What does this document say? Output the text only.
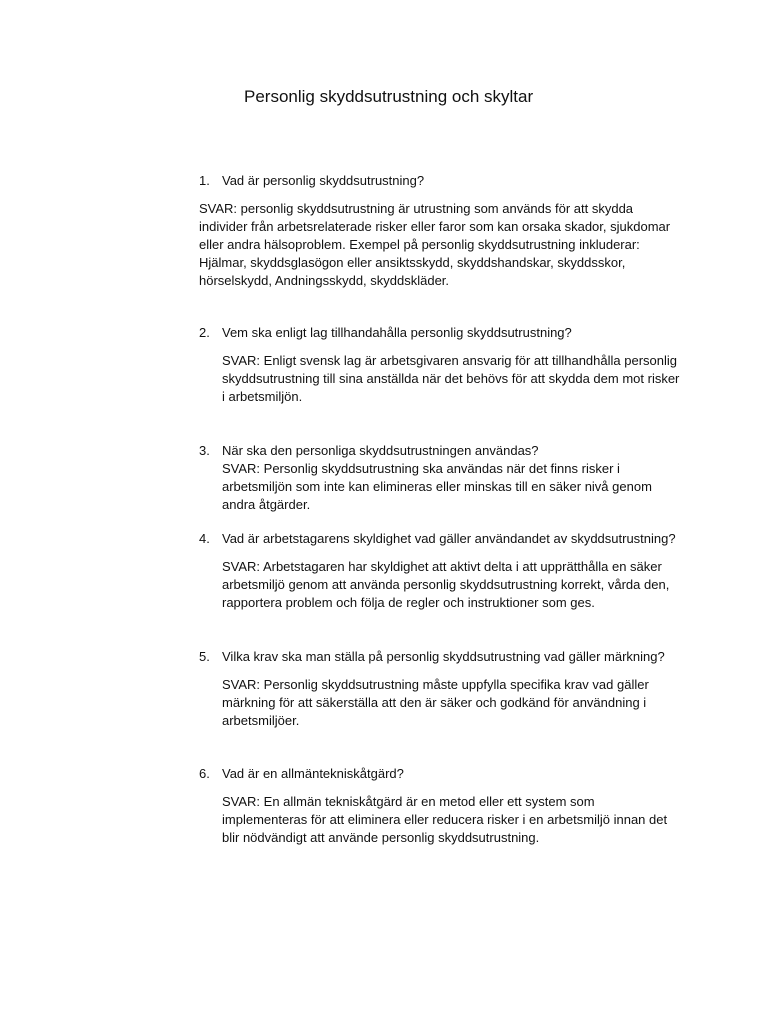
Personlig skyddsutrustning och skyltar
1. Vad är personlig skyddsutrustning?
SVAR: personlig skyddsutrustning är utrustning som används för att skydda individer från arbetsrelaterade risker eller faror som kan orsaka skador, sjukdomar eller andra hälsoproblem. Exempel på personlig skyddsutrustning inkluderar: Hjälmar, skyddsglasögon eller ansiktsskydd, skyddshandskar, skyddsskor, hörselskydd, Andningsskydd, skyddskläder.
2. Vem ska enligt lag tillhandahålla personlig skyddsutrustning?
SVAR: Enligt svensk lag är arbetsgivaren ansvarig för att tillhandhålla personlig skyddsutrustning till sina anställda när det behövs för att skydda dem mot risker i arbetsmiljön.
3. När ska den personliga skyddsutrustningen användas?
SVAR: Personlig skyddsutrustning ska användas när det finns risker i arbetsmiljön som inte kan elimineras eller minskas till en säker nivå genom andra åtgärder.
4. Vad är arbetstagarens skyldighet vad gäller användandet av skyddsutrustning?
SVAR: Arbetstagaren har skyldighet att aktivt delta i att upprätthålla en säker arbetsmiljö genom att använda personlig skyddsutrustning korrekt, vårda den, rapportera problem och följa de regler och instruktioner som ges.
5. Vilka krav ska man ställa på personlig skyddsutrustning vad gäller märkning?
SVAR: Personlig skyddsutrustning måste uppfylla specifika krav vad gäller märkning för att säkerställa att den är säker och godkänd för användning i arbetsmiljöer.
6. Vad är en allmäntekniskåtgärd?
SVAR: En allmän tekniskåtgärd är en metod eller ett system som implementeras för att eliminera eller reducera risker i en arbetsmiljö innan det blir nödvändigt att använde personlig skyddsutrustning.
